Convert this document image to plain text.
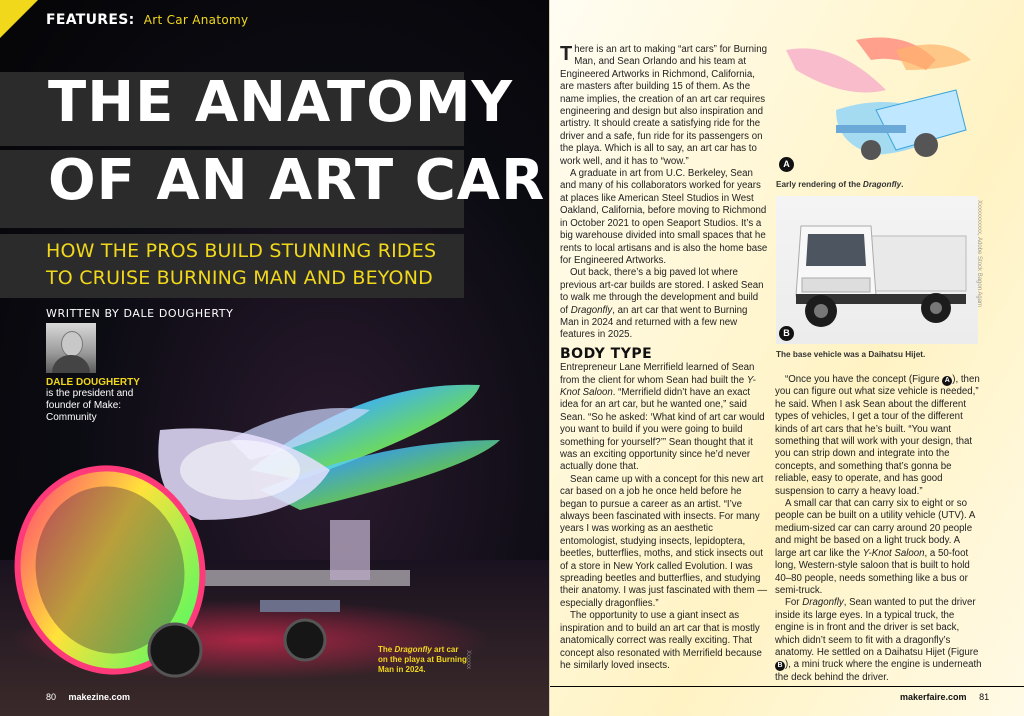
FEATURES: Art Car Anatomy
THE ANATOMY
OF AN ART CAR
HOW THE PROS BUILD STUNNING RIDES TO CRUISE BURNING MAN AND BEYOND
WRITTEN BY DALE DOUGHERTY
DALE DOUGHERTY
is the president and founder of Make: Community
The Dragonfly art car on the playa at Burning Man in 2024.
Xxxxxx
80 makezine.com

There is an art to making “art cars” for Burning Man, and Sean Orlando and his team at Engineered Artworks in Richmond, California, are masters after building 15 of them. As the name implies, the creation of an art car requires engineering and design but also inspiration and artistry. It should create a satisfying ride for the driver and a safe, fun ride for its passengers on the playa. Which is all to say, an art car has to work well, and it has to “wow.”

A graduate in art from U.C. Berkeley, Sean and many of his collaborators worked for years at places like American Steel Studios in West Oakland, California, before moving to Richmond in October 2021 to open Seaport Studios. It’s a big warehouse divided into small spaces that he rents to local artisans and is also the home base for Engineered Artworks.

Out back, there’s a big paved lot where previous art-car builds are stored. I asked Sean to walk me through the development and build of Dragonfly, an art car that went to Burning Man in 2024 and returned with a few new features in 2025.

BODY TYPE

Entrepreneur Lane Merrifield learned of Sean from the client for whom Sean had built the Y-Knot Saloon. “Merrifield didn’t have an exact idea for an art car, but he wanted one,” said Sean. “So he asked: ‘What kind of art car would you want to build if you were going to build something for yourself?’” Sean thought that it was an exciting opportunity since he’d never actually done that.

Sean came up with a concept for this new art car based on a job he once held before he began to pursue a career as an artist. “I’ve always been fascinated with insects. For many years I was working as an aesthetic entomologist, studying insects, lepidoptera, beetles, butterflies, moths, and stick insects out of a store in New York called Evolution. I was spreading beetles and butterflies, and studying their anatomy. I was just fascinated with them — especially dragonflies.”

The opportunity to use a giant insect as inspiration and to build an art car that is mostly anatomically correct was really exciting. That concept also resonated with Merrifield because he similarly loved insects.

A
Early rendering of the Dragonfly.
B
Xxxxxxxxxxx, Adobe Stock Bagon Agam
The base vehicle was a Daihatsu Hijet.

“Once you have the concept (Figure A ), then you can figure out what size vehicle is needed,” he said. When I ask Sean about the different types of vehicles, I get a tour of the different kinds of art cars that he’s built. “You want something that will work with your design, that you can strip down and integrate into the concepts, and something that’s gonna be reliable, easy to operate, and has good suspension to carry a heavy load.”

A small car that can carry six to eight or so people can be built on a utility vehicle (UTV). A medium-sized car can carry around 20 people and might be based on a light truck body. A large art car like the Y-Knot Saloon, a 50-foot long, Western-style saloon that is built to hold 40–80 people, needs something like a bus or semi-truck.

For Dragonfly, Sean wanted to put the driver inside its large eyes. In a typical truck, the engine is in front and the driver is set back, which didn’t seem to fit with a dragonfly’s anatomy. He settled on a Daihatsu Hijet (Figure B ), a mini truck where the engine is underneath the deck behind the driver.

makerfaire.com 81
